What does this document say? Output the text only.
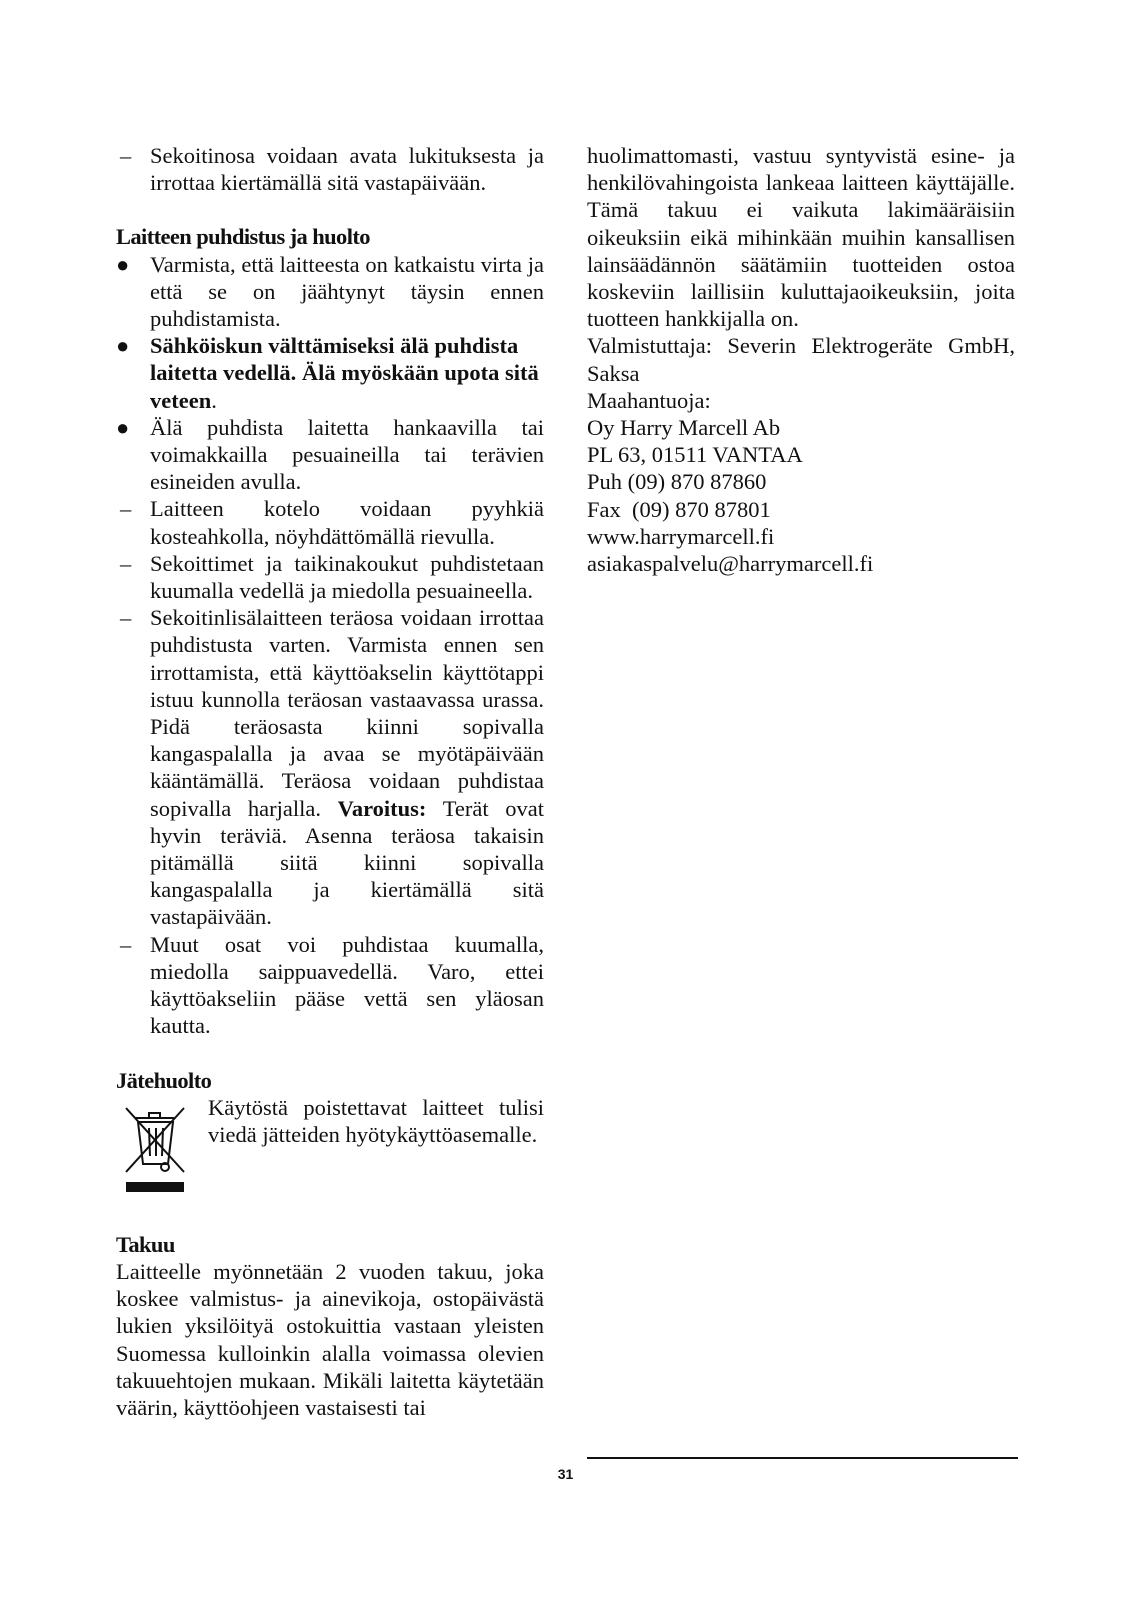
– Sekoitinosa voidaan avata lukituksesta ja irrottaa kiertämällä sitä vastapäivään.

Laitteen puhdistus ja huolto
● Varmista, että laitteesta on katkaistu virta ja että se on jäähtynyt täysin ennen puhdistamista.

● Sähköiskun välttämiseksi älä puhdista laitetta vedellä. Älä myöskään upota sitä veteen.

● Älä puhdista laitetta hankaavilla tai voimakkailla pesuaineilla tai terävien esineiden avulla.

– Laitteen kotelo voidaan pyyhkiä kosteahkolla, nöyhdättömällä rievulla.

– Sekoittimet ja taikinakoukut puhdistetaan kuumalla vedellä ja miedolla pesuaineella.

– Sekoitinlisälaitteen teräosa voidaan irrottaa puhdistusta varten. Varmista ennen sen irrottamista, että käyttöakselin käyttötappi istuu kunnolla teräosan vastaavassa urassa. Pidä teräosasta kiinni sopivalla kangaspalalla ja avaa se myötäpäivään kääntämällä. Teräosa voidaan puhdistaa sopivalla harjalla. Varoitus: Terät ovat hyvin teräviä. Asenna teräosa takaisin pitämällä siitä kiinni sopivalla kangaspalalla ja kiertämällä sitä vastapäivään.

– Muut osat voi puhdistaa kuumalla, miedolla saippuavedellä. Varo, ettei käyttöakseliin pääse vettä sen yläosan kautta.

Jätehuolto

Käytöstä poistettavat laitteet tulisi viedä jätteiden hyötykäyttöasemalle.

Takuu

Laitteelle myönnetään 2 vuoden takuu, joka koskee valmistus- ja ainevikoja, ostopäivästä lukien yksilöityä ostokuittia vastaan yleisten Suomessa kulloinkin alalla voimassa olevien takuuehtojen mukaan. Mikäli laitetta käytetään väärin, käyttöohjeen vastaisesti tai

huolimattomasti, vastuu syntyvistä esine- ja henkilövahingoista lankeaa laitteen käyttäjälle. Tämä takuu ei vaikuta lakimääräisiin oikeuksiin eikä mihinkään muihin kansallisen lainsäädännön säätämiin tuotteiden ostoa koskeviin laillisiin kuluttajaoikeuksiin, joita tuotteen hankkijalla on.

Valmistuttaja: Severin Elektrogeräte GmbH, Saksa

Maahantuoja:

Oy Harry Marcell Ab

PL 63, 01511 VANTAA

Puh (09) 870 87860

Fax  (09) 870 87801

www.harrymarcell.fi

asiakaspalvelu@harrymarcell.fi

31
